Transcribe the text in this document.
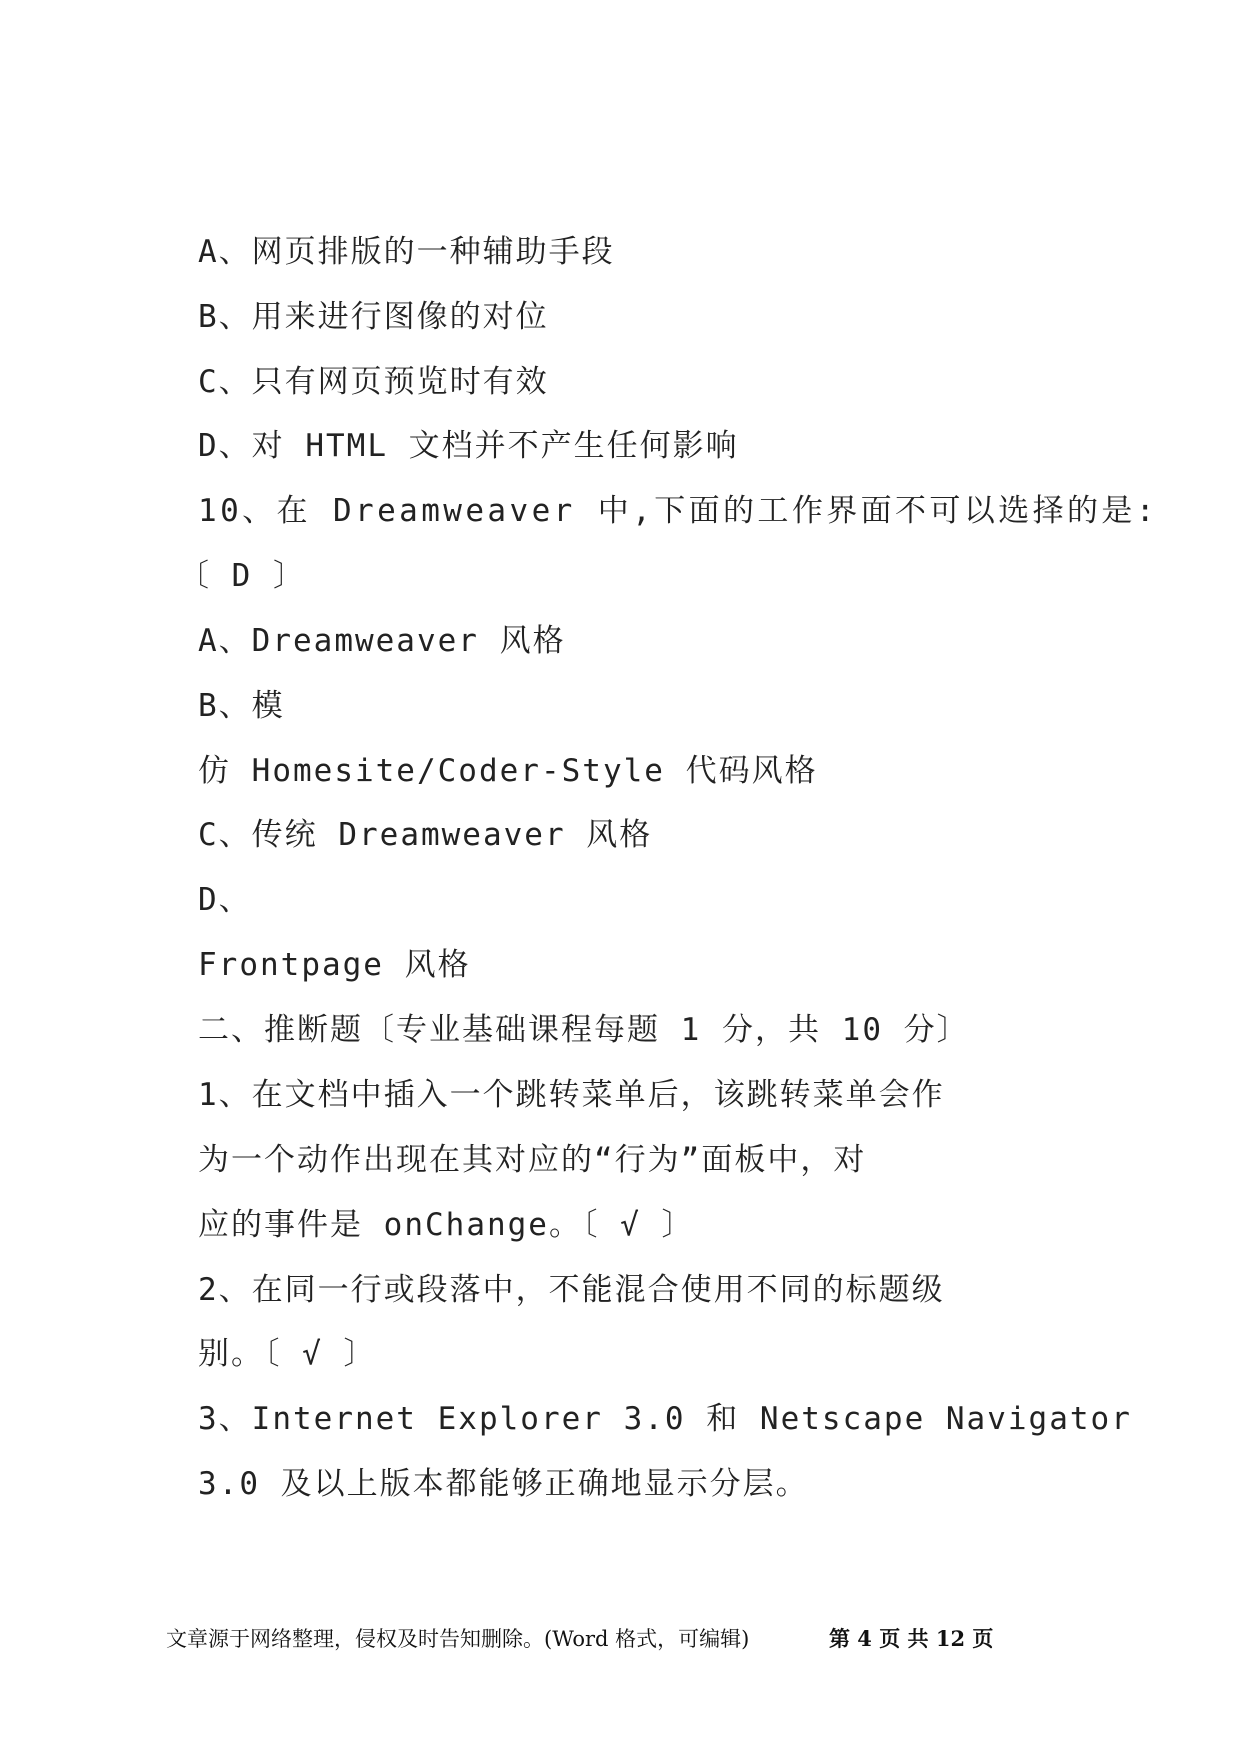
A、网页排版的一种辅助手段
B、用来进行图像的对位
C、只有网页预览时有效
D、对 HTML 文档并不产生任何影响
10、在 Dreamweaver 中,下面的工作界面不可以选择的是:
〔 D 〕
A、Dreamweaver 风格
B、模
仿 Homesite/Coder-Style 代码风格
C、传统 Dreamweaver 风格
D、
Frontpage 风格
二、推断题〔专业基础课程每题 1 分，共 10 分〕
1、在文档中插入一个跳转菜单后，该跳转菜单会作
为一个动作出现在其对应的“行为”面板中，对
应的事件是 onChange。〔 √ 〕
2、在同一行或段落中，不能混合使用不同的标题级
别。〔 √ 〕
3、Internet Explorer 3.0 和 Netscape Navigator
3.0 及以上版本都能够正确地显示分层。
文章源于网络整理，侵权及时告知删除。(Word 格式，可编辑)	第 4 页 共 12 页
